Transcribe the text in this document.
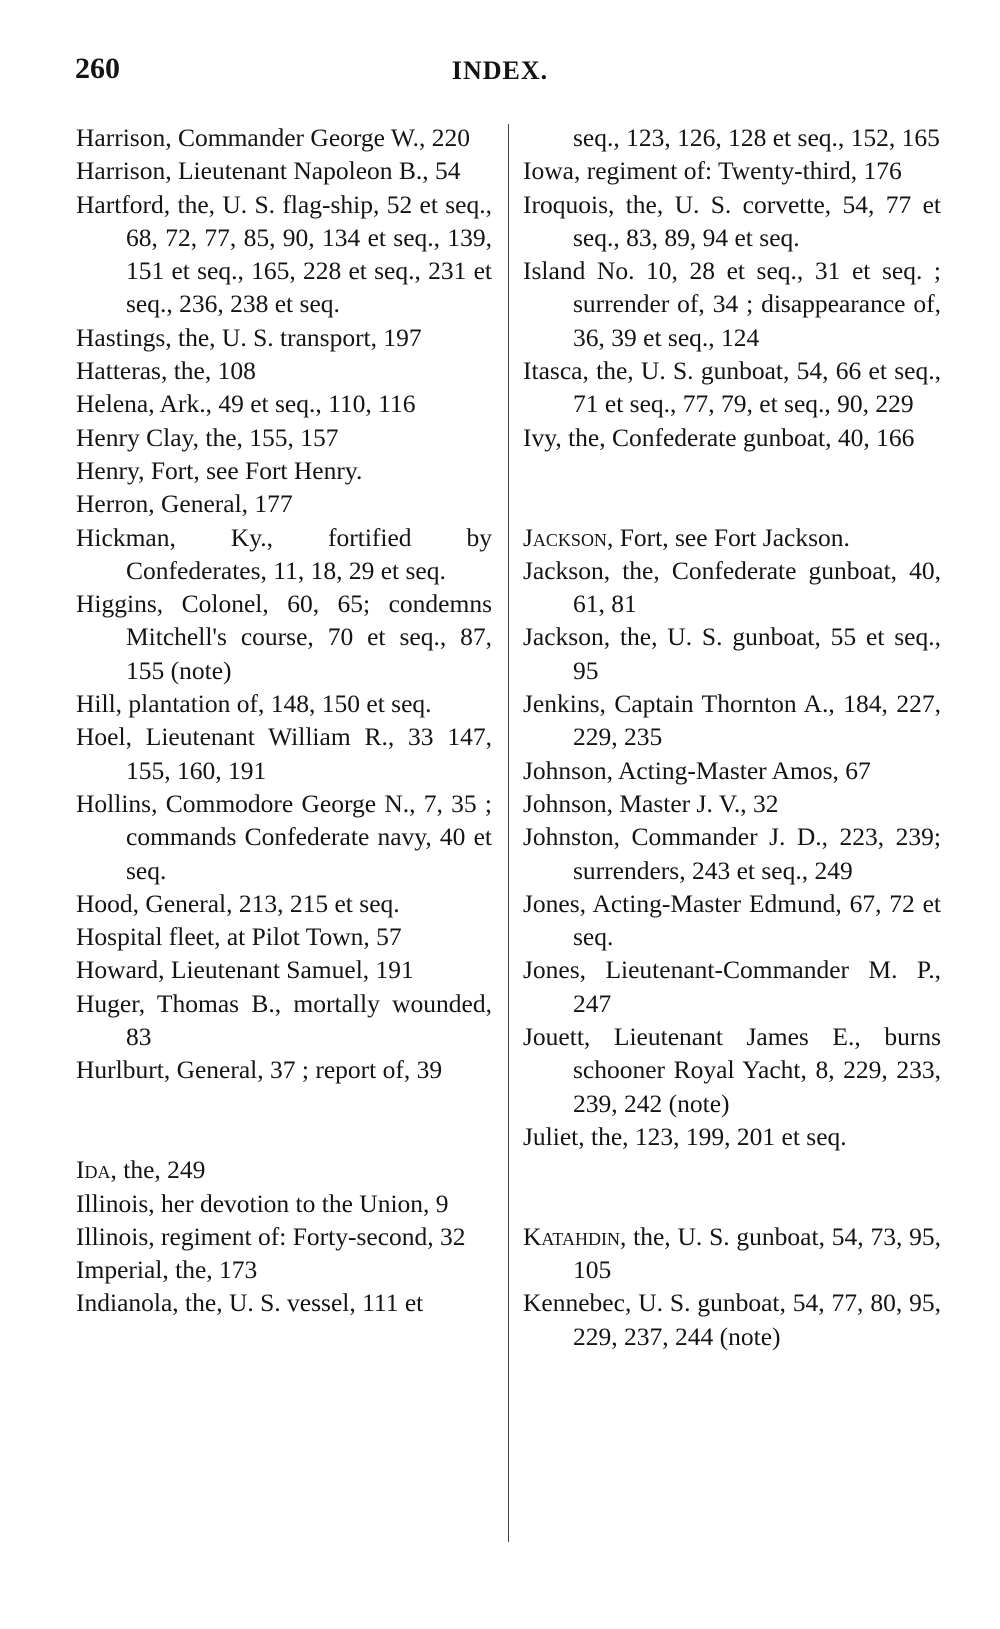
260	INDEX.
Harrison, Commander George W., 220
Harrison, Lieutenant Napoleon B., 54
Hartford, the, U. S. flag-ship, 52 et seq., 68, 72, 77, 85, 90, 134 et seq., 139, 151 et seq., 165, 228 et seq., 231 et seq., 236, 238 et seq.
Hastings, the, U. S. transport, 197
Hatteras, the, 108
Helena, Ark., 49 et seq., 110, 116
Henry Clay, the, 155, 157
Henry, Fort, see Fort Henry.
Herron, General, 177
Hickman, Ky., fortified by Confederates, 11, 18, 29 et seq.
Higgins, Colonel, 60, 65; condemns Mitchell's course, 70 et seq., 87, 155 (note)
Hill, plantation of, 148, 150 et seq.
Hoel, Lieutenant William R., 33 147, 155, 160, 191
Hollins, Commodore George N., 7, 35 ; commands Confederate navy, 40 et seq.
Hood, General, 213, 215 et seq.
Hospital fleet, at Pilot Town, 57
Howard, Lieutenant Samuel, 191
Huger, Thomas B., mortally wounded, 83
Hurlburt, General, 37 ; report of, 39
Ida, the, 249
Illinois, her devotion to the Union, 9
Illinois, regiment of: Forty-second, 32
Imperial, the, 173
Indianola, the, U. S. vessel, 111 et
seq., 123, 126, 128 et seq., 152, 165
Iowa, regiment of: Twenty-third, 176
Iroquois, the, U. S. corvette, 54, 77 et seq., 83, 89, 94 et seq.
Island No. 10, 28 et seq., 31 et seq. ; surrender of, 34 ; disappearance of, 36, 39 et seq., 124
Itasca, the, U. S. gunboat, 54, 66 et seq., 71 et seq., 77, 79, et seq., 90, 229
Ivy, the, Confederate gunboat, 40, 166
Jackson, Fort, see Fort Jackson.
Jackson, the, Confederate gunboat, 40, 61, 81
Jackson, the, U. S. gunboat, 55 et seq., 95
Jenkins, Captain Thornton A., 184, 227, 229, 235
Johnson, Acting-Master Amos, 67
Johnson, Master J. V., 32
Johnston, Commander J. D., 223, 239; surrenders, 243 et seq., 249
Jones, Acting-Master Edmund, 67, 72 et seq.
Jones, Lieutenant-Commander M. P., 247
Jouett, Lieutenant James E., burns schooner Royal Yacht, 8, 229, 233, 239, 242 (note)
Juliet, the, 123, 199, 201 et seq.
Katahdin, the, U. S. gunboat, 54, 73, 95, 105
Kennebec, U. S. gunboat, 54, 77, 80, 95, 229, 237, 244 (note)
